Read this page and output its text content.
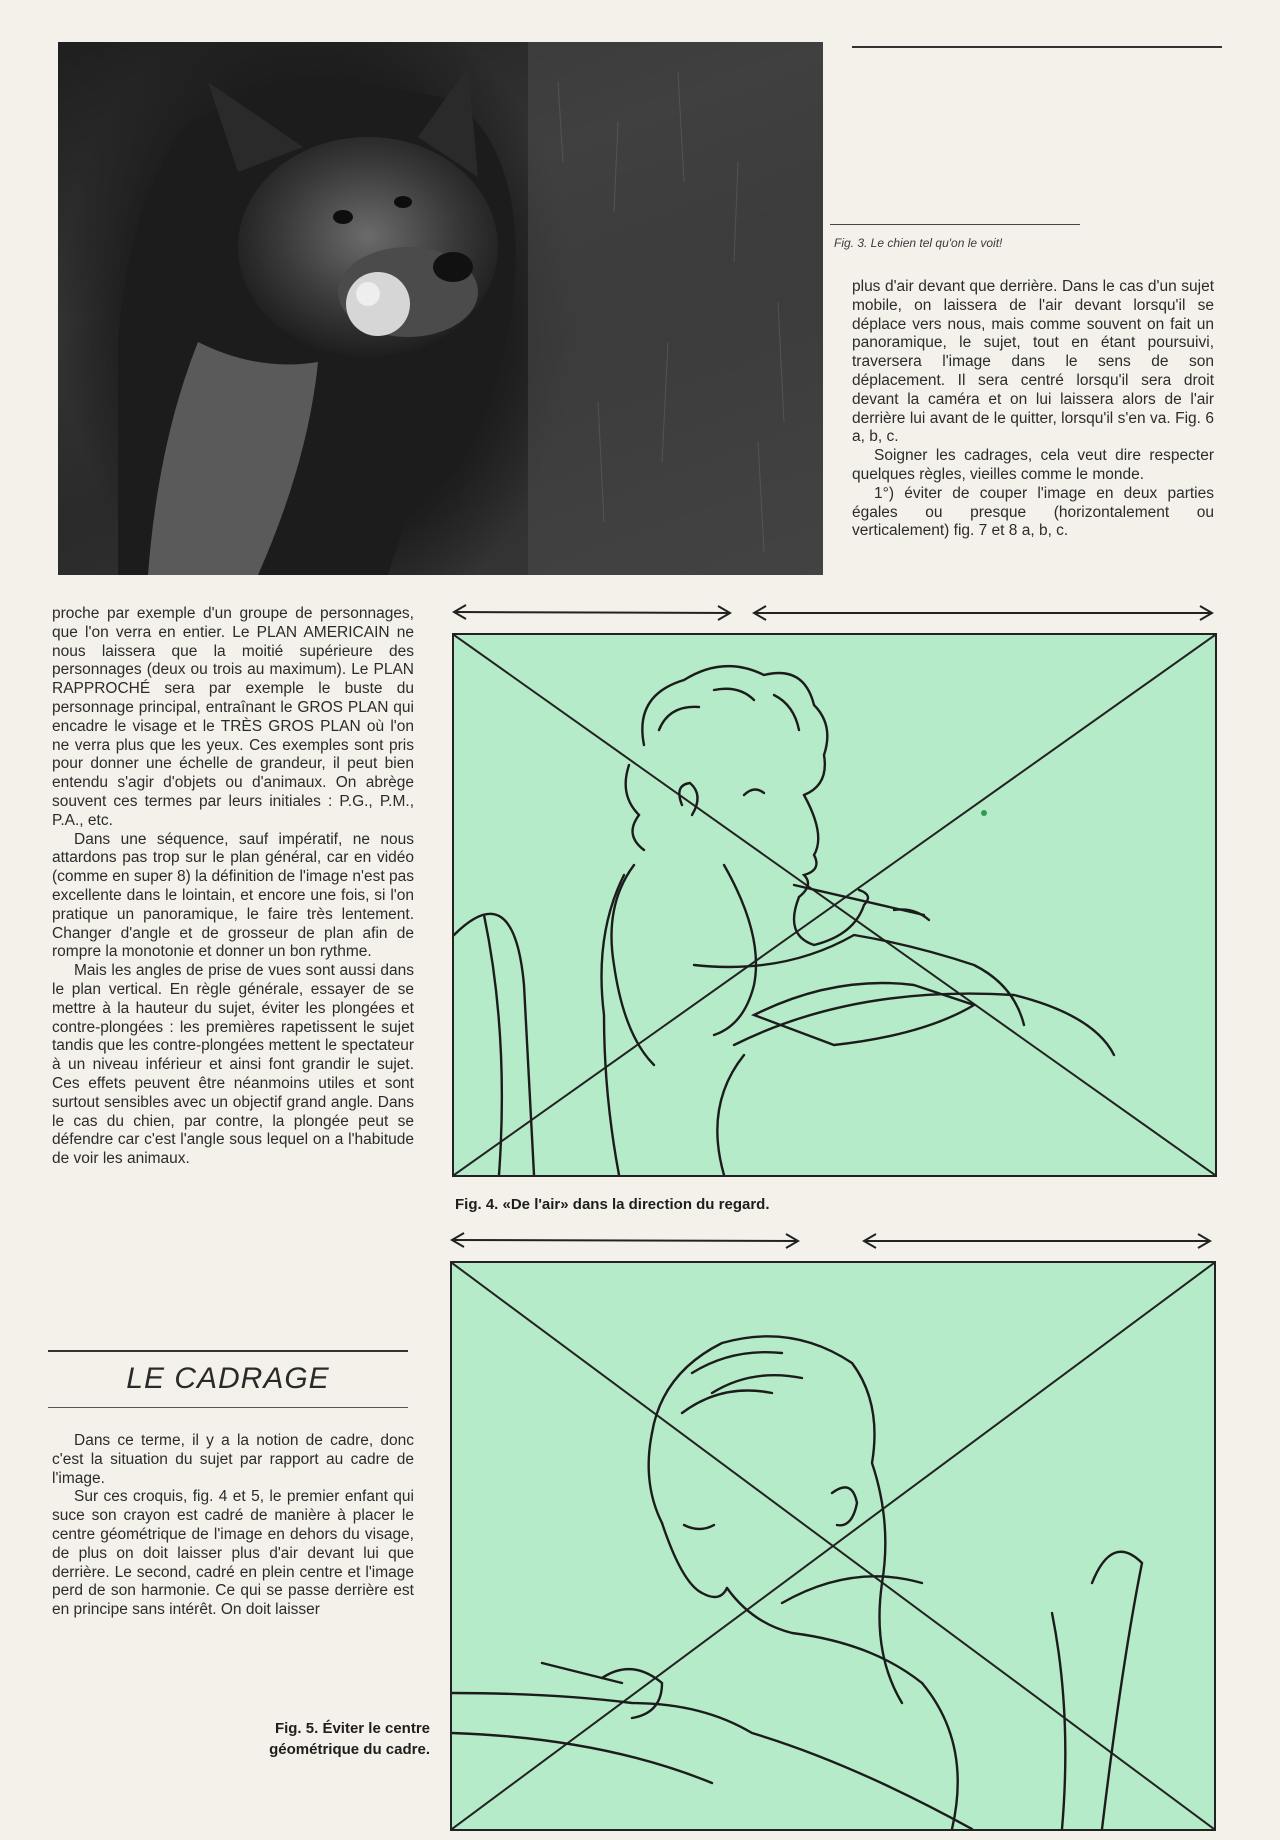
Fig. 3. Le chien tel qu'on le voit!

plus d'air devant que derrière. Dans le cas d'un sujet mobile, on laissera de l'air devant lorsqu'il se déplace vers nous, mais comme souvent on fait un panoramique, le sujet, tout en étant poursuivi, traversera l'image dans le sens de son déplacement. Il sera centré lorsqu'il sera droit devant la caméra et on lui laissera alors de l'air derrière lui avant de le quitter, lorsqu'il s'en va. Fig. 6 a, b, c.

Soigner les cadrages, cela veut dire respecter quelques règles, vieilles comme le monde.

1°) éviter de couper l'image en deux parties égales ou presque (horizontalement ou verticalement) fig. 7 et 8 a, b, c.

proche par exemple d'un groupe de personnages, que l'on verra en entier. Le PLAN AMERICAIN ne nous laissera que la moitié supérieure des personnages (deux ou trois au maximum). Le PLAN RAPPROCHÉ sera par exemple le buste du personnage principal, entraînant le GROS PLAN qui encadre le visage et le TRÈS GROS PLAN où l'on ne verra plus que les yeux. Ces exemples sont pris pour donner une échelle de grandeur, il peut bien entendu s'agir d'objets ou d'animaux. On abrège souvent ces termes par leurs initiales : P.G., P.M., P.A., etc.

Dans une séquence, sauf impératif, ne nous attardons pas trop sur le plan général, car en vidéo (comme en super 8) la définition de l'image n'est pas excellente dans le lointain, et encore une fois, si l'on pratique un panoramique, le faire très lentement. Changer d'angle et de grosseur de plan afin de rompre la monotonie et donner un bon rythme.

Mais les angles de prise de vues sont aussi dans le plan vertical. En règle générale, essayer de se mettre à la hauteur du sujet, éviter les plongées et contre-plongées : les premières rapetissent le sujet tandis que les contre-plongées mettent le spectateur à un niveau inférieur et ainsi font grandir le sujet. Ces effets peuvent être néanmoins utiles et sont surtout sensibles avec un objectif grand angle. Dans le cas du chien, par contre, la plongée peut se défendre car c'est l'angle sous lequel on a l'habitude de voir les animaux.

LE CADRAGE

Dans ce terme, il y a la notion de cadre, donc c'est la situation du sujet par rapport au cadre de l'image.

Sur ces croquis, fig. 4 et 5, le premier enfant qui suce son crayon est cadré de manière à placer le centre géométrique de l'image en dehors du visage, de plus on doit laisser plus d'air devant lui que derrière. Le second, cadré en plein centre et l'image perd de son harmonie. Ce qui se passe derrière est en principe sans intérêt. On doit laisser

Fig. 4. «De l'air» dans la direction du regard.
Fig. 5. Éviter le centre
géométrique du cadre.
